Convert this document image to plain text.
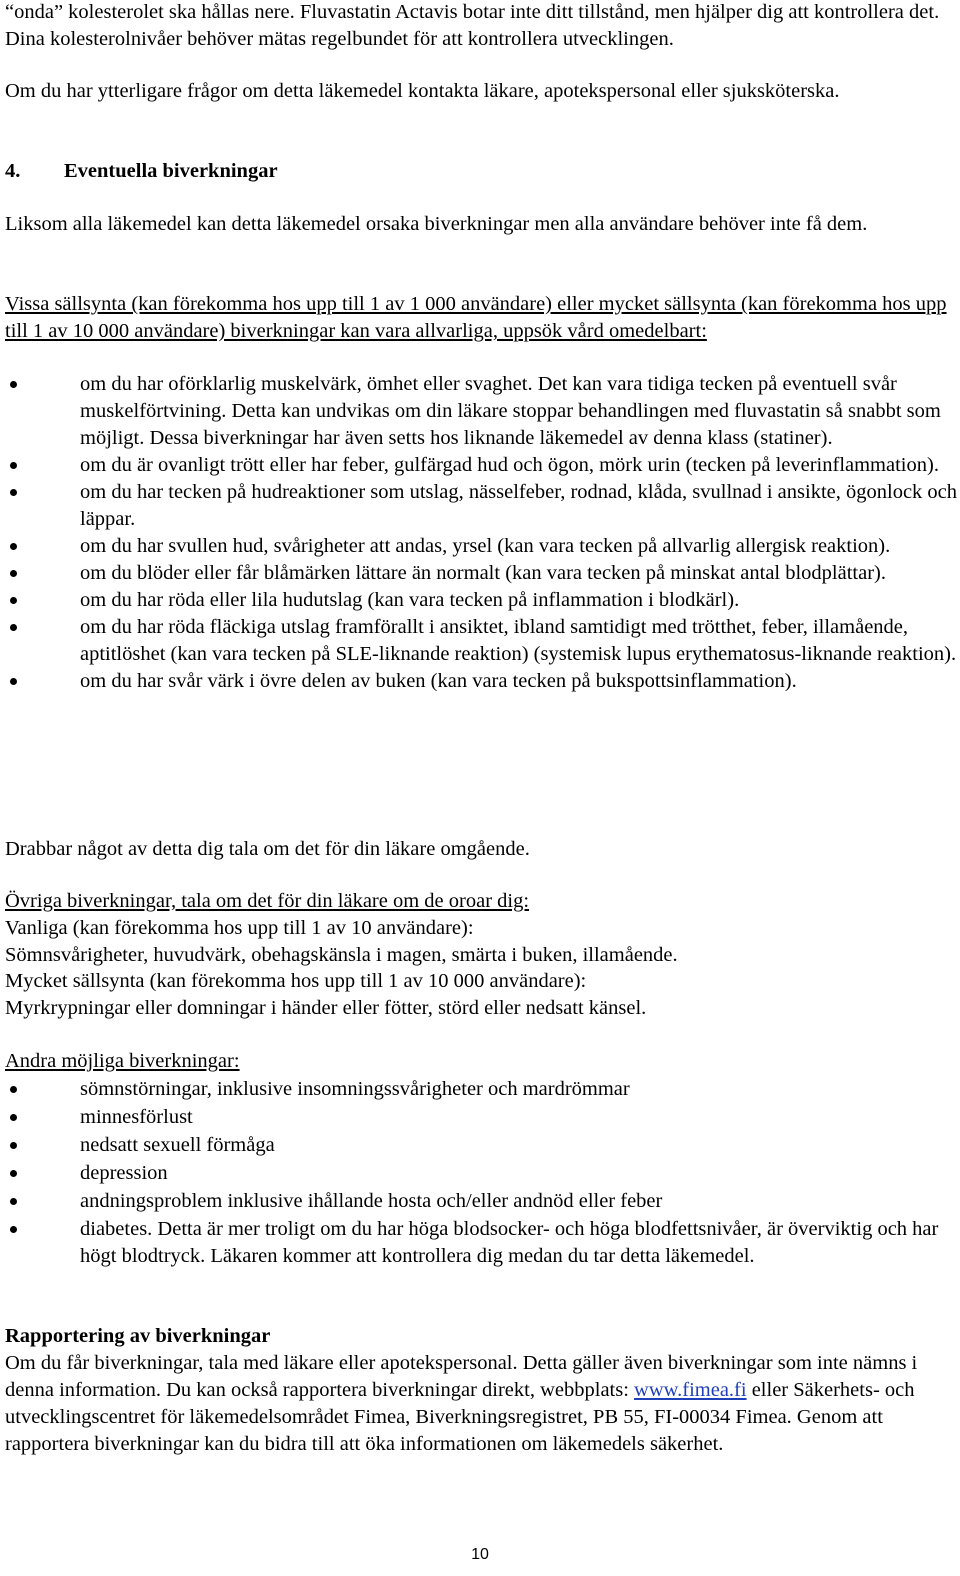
“onda” kolesterolet ska hållas nere. Fluvastatin Actavis botar inte ditt tillstånd, men hjälper dig att kontrollera det. Dina kolesterolnivåer behöver mätas regelbundet för att kontrollera utvecklingen.

Om du har ytterligare frågor om detta läkemedel kontakta läkare, apotekspersonal eller sjuksköterska.

4. Eventuella biverkningar

Liksom alla läkemedel kan detta läkemedel orsaka biverkningar men alla användare behöver inte få dem.

Vissa sällsynta (kan förekomma hos upp till 1 av 1 000 användare) eller mycket sällsynta (kan förekomma hos upp till 1 av 10 000 användare) biverkningar kan vara allvarliga, uppsök vård omedelbart:

om du har oförklarlig muskelvärk, ömhet eller svaghet. Det kan vara tidiga tecken på eventuell svår muskelförtvining. Detta kan undvikas om din läkare stoppar behandlingen med fluvastatin så snabbt som möjligt. Dessa biverkningar har även setts hos liknande läkemedel av denna klass (statiner).
om du är ovanligt trött eller har feber, gulfärgad hud och ögon, mörk urin (tecken på leverinflammation).
om du har tecken på hudreaktioner som utslag, nässelfeber, rodnad, klåda, svullnad i ansikte, ögonlock och läppar.
om du har svullen hud, svårigheter att andas, yrsel (kan vara tecken på allvarlig allergisk reaktion).
om du blöder eller får blåmärken lättare än normalt (kan vara tecken på minskat antal blodplättar).
om du har röda eller lila hudutslag (kan vara tecken på inflammation i blodkärl).
om du har röda fläckiga utslag framförallt i ansiktet, ibland samtidigt med trötthet, feber, illamående, aptitlöshet (kan vara tecken på SLE-liknande reaktion) (systemisk lupus erythematosus-liknande reaktion).
om du har svår värk i övre delen av buken (kan vara tecken på bukspottsinflammation).

Drabbar något av detta dig tala om det för din läkare omgående.

Övriga biverkningar, tala om det för din läkare om de oroar dig:

Vanliga (kan förekomma hos upp till 1 av 10 användare):

Sömnsvårigheter, huvudvärk, obehagskänsla i magen, smärta i buken, illamående.

Mycket sällsynta (kan förekomma hos upp till 1 av 10 000 användare):

Myrkrypningar eller domningar i händer eller fötter, störd eller nedsatt känsel.

Andra möjliga biverkningar:

sömnstörningar, inklusive insomningssvårigheter och mardrömmar
minnesförlust
nedsatt sexuell förmåga
depression
andningsproblem inklusive ihållande hosta och/eller andnöd eller feber
diabetes. Detta är mer troligt om du har höga blodsocker- och höga blodfettsnivåer, är överviktig och har högt blodtryck. Läkaren kommer att kontrollera dig medan du tar detta läkemedel.

Rapportering av biverkningar

Om du får biverkningar, tala med läkare eller apotekspersonal. Detta gäller även biverkningar som inte nämns i denna information. Du kan också rapportera biverkningar direkt, webbplats: www.fimea.fi eller Säkerhets- och utvecklingscentret för läkemedelsområdet Fimea, Biverkningsregistret, PB 55, FI-00034 Fimea. Genom att rapportera biverkningar kan du bidra till att öka informationen om läkemedels säkerhet.

10
